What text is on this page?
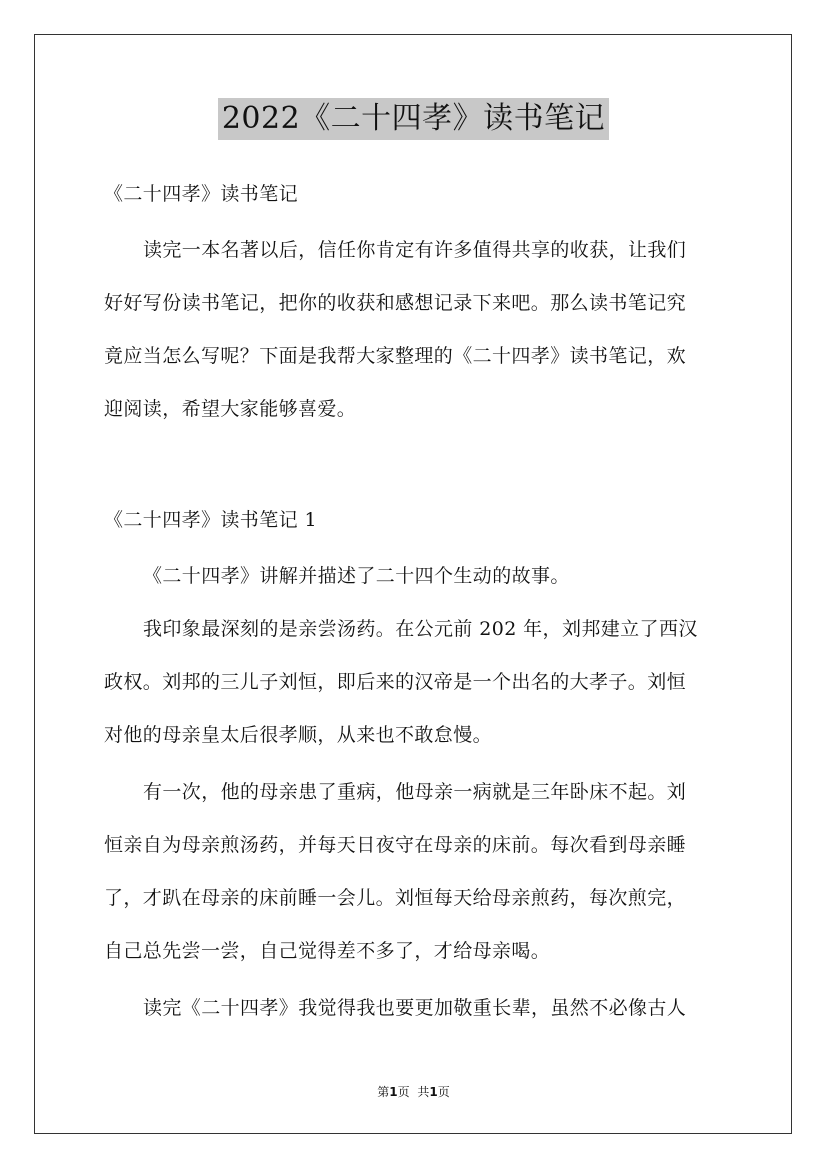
2022《二十四孝》读书笔记
《二十四孝》读书笔记
读完一本名著以后，信任你肯定有许多值得共享的收获，让我们
好好写份读书笔记，把你的收获和感想记录下来吧。那么读书笔记究
竟应当怎么写呢？下面是我帮大家整理的《二十四孝》读书笔记，欢
迎阅读，希望大家能够喜爱。
《二十四孝》读书笔记 1
《二十四孝》讲解并描述了二十四个生动的故事。
我印象最深刻的是亲尝汤药。在公元前 202 年，刘邦建立了西汉
政权。刘邦的三儿子刘恒，即后来的汉帝是一个出名的大孝子。刘恒
对他的母亲皇太后很孝顺，从来也不敢怠慢。
有一次，他的母亲患了重病，他母亲一病就是三年卧床不起。刘
恒亲自为母亲煎汤药，并每天日夜守在母亲的床前。每次看到母亲睡
了，才趴在母亲的床前睡一会儿。刘恒每天给母亲煎药，每次煎完，
自己总先尝一尝，自己觉得差不多了，才给母亲喝。
读完《二十四孝》我觉得我也要更加敬重长辈，虽然不必像古人
第1页 共1页
